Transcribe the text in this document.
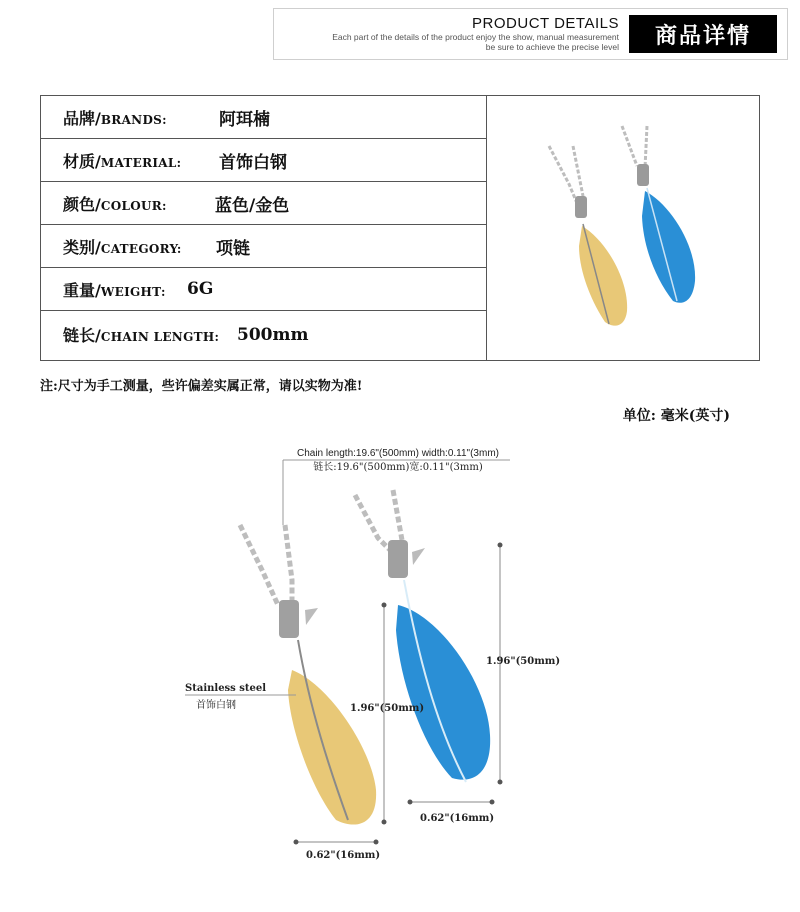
PRODUCT DETAILS
Each part of the details of the product enjoy the show, manual measurement
be sure to achieve the precise level	商品详情
品牌/BRANDS:	阿珥楠
材质/MATERIAL: 首饰白钢
颜色/COLOUR:	蓝色/金色
类别/CATEGORY: 项链
重量/WEIGHT: 6G
链长/CHAIN LENGTH: 500mm
注:尺寸为手工测量，些许偏差实属正常，请以实物为准!
单位: 毫米(英寸)
Chain length:19.6"(500mm) width:0.11"(3mm)
链长:19.6"(500mm)宽:0.11"(3mm)
Stainless steel
首饰白钢	1.96"(50mm)
0.62"(16mm)
1.96"(50mm)
0.62"(16mm)
